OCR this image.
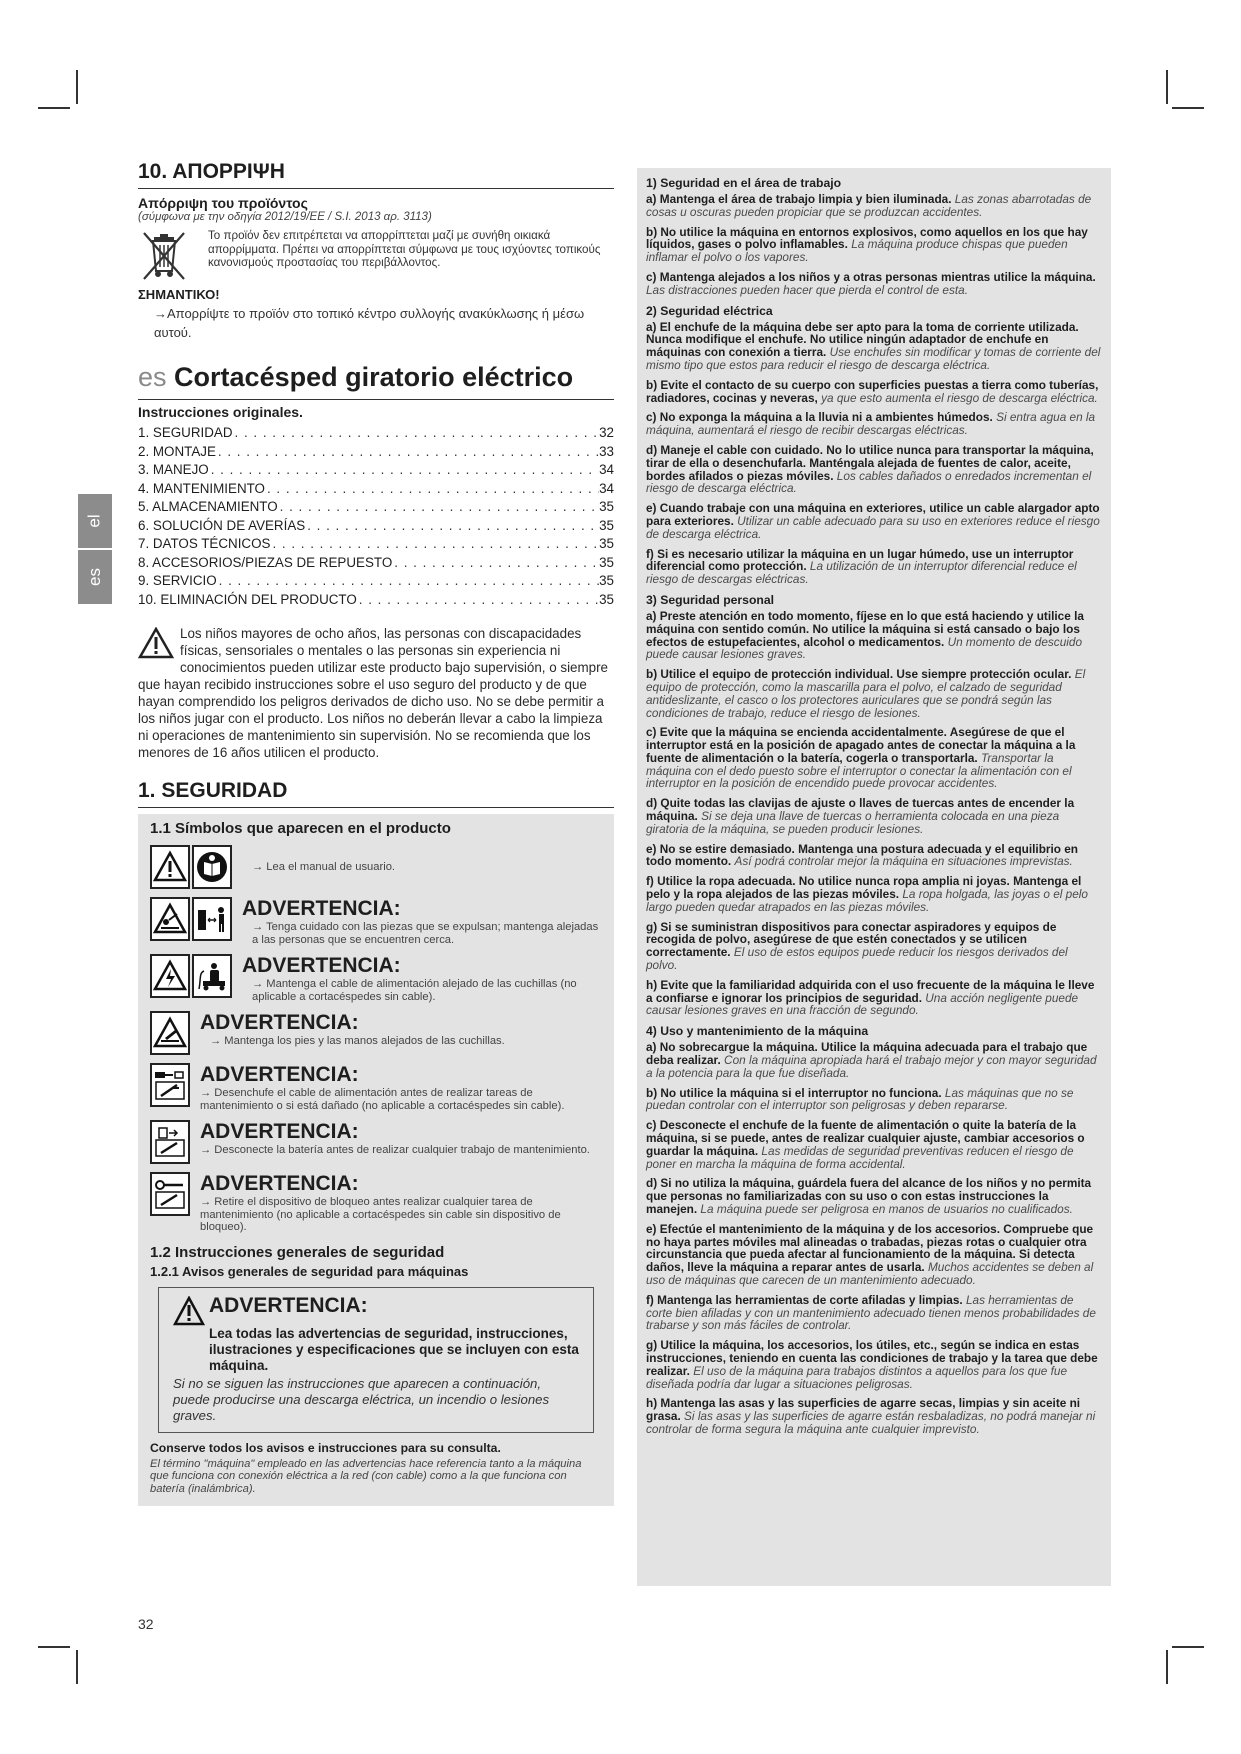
el
es
10. ΑΠΟΡΡΙΨΗ

Απόρριψη του προϊόντος

(σύμφωνα με την οδηγία 2012/19/EE / S.I. 2013 αρ. 3113)

Το προϊόν δεν επιτρέπεται να απορρίπτεται μαζί με συνήθη οικιακά απορρίμματα. Πρέπει να απορρίπτεται σύμφωνα με τους ισχύοντες τοπικούς κανονισμούς προστασίας του περιβάλλοντος.
ΣΗΜΑΝΤΙΚΟ!
→Απορρίψτε το προϊόν στο τοπικό κέντρο συλλογής ανακύκλωσης ή μέσω αυτού.
es Cortacésped giratorio eléctrico
Instrucciones originales.
1. SEGURIDAD . . .	32
2. MONTAJE . . .	33
3. MANEJO . . .	34
4. MANTENIMIENTO . . .	34
5. ALMACENAMIENTO . . .	35
6. SOLUCIÓN DE AVERÍAS . . .	35
7. DATOS TÉCNICOS . . .	35
8. ACCESORIOS/PIEZAS DE REPUESTO . . .	35
9. SERVICIO . . .	35
10. ELIMINACIÓN DEL PRODUCTO . . .	35
Los niños mayores de ocho años, las personas con discapacidades físicas, sensoriales o mentales o las personas sin experiencia ni conocimientos pueden utilizar este producto bajo supervisión, o siempre que hayan recibido instrucciones sobre el uso seguro del producto y de que hayan comprendido los peligros derivados de dicho uso. No se debe permitir a los niños jugar con el producto. Los niños no deberán llevar a cabo la limpieza ni operaciones de mantenimiento sin supervisión. No se recomienda que los menores de 16 años utilicen el producto.
1. SEGURIDAD
1.1 Símbolos que aparecen en el producto
→ Lea el manual de usuario.

ADVERTENCIA:

→ Tenga cuidado con las piezas que se expulsan; mantenga alejadas a las personas que se encuentren cerca.

ADVERTENCIA:

→ Mantenga el cable de alimentación alejado de las cuchillas (no aplicable a cortacéspedes sin cable).

ADVERTENCIA:

→ Mantenga los pies y las manos alejados de las cuchillas.

ADVERTENCIA:

→ Desenchufe el cable de alimentación antes de realizar tareas de mantenimiento o si está dañado (no aplicable a cortacéspedes sin cable).

ADVERTENCIA:

→ Desconecte la batería antes de realizar cualquier trabajo de mantenimiento.

ADVERTENCIA:

→ Retire el dispositivo de bloqueo antes realizar cualquier tarea de mantenimiento (no aplicable a cortacéspedes sin cable sin dispositivo de bloqueo).
1.2 Instrucciones generales de seguridad
1.2.1 Avisos generales de seguridad para máquinas
ADVERTENCIA:
Lea todas las advertencias de seguridad, instrucciones, ilustraciones y especificaciones que se incluyen con esta máquina.
Si no se siguen las instrucciones que aparecen a continuación, puede producirse una descarga eléctrica, un incendio o lesiones graves.
Conserve todos los avisos e instrucciones para su consulta.
El término "máquina" empleado en las advertencias hace referencia tanto a la máquina que funciona con conexión eléctrica a la red (con cable) como a la que funciona con batería (inalámbrica).
1) Seguridad en el área de trabajo

a) Mantenga el área de trabajo limpia y bien iluminada. Las zonas abarrotadas de cosas u oscuras pueden propiciar que se produzcan accidentes.

b) No utilice la máquina en entornos explosivos, como aquellos en los que hay líquidos, gases o polvo inflamables. La máquina produce chispas que pueden inflamar el polvo o los vapores.

c) Mantenga alejados a los niños y a otras personas mientras utilice la máquina. Las distracciones pueden hacer que pierda el control de esta.

2) Seguridad eléctrica

a) El enchufe de la máquina debe ser apto para la toma de corriente utilizada. Nunca modifique el enchufe. No utilice ningún adaptador de enchufe en máquinas con conexión a tierra. Use enchufes sin modificar y tomas de corriente del mismo tipo que estos para reducir el riesgo de descarga eléctrica.

b) Evite el contacto de su cuerpo con superficies puestas a tierra como tuberías, radiadores, cocinas y neveras, ya que esto aumenta el riesgo de descarga eléctrica.

c) No exponga la máquina a la lluvia ni a ambientes húmedos. Si entra agua en la máquina, aumentará el riesgo de recibir descargas eléctricas.

d) Maneje el cable con cuidado. No lo utilice nunca para transportar la máquina, tirar de ella o desenchufarla. Manténgala alejada de fuentes de calor, aceite, bordes afilados o piezas móviles. Los cables dañados o enredados incrementan el riesgo de descarga eléctrica.

e) Cuando trabaje con una máquina en exteriores, utilice un cable alargador apto para exteriores. Utilizar un cable adecuado para su uso en exteriores reduce el riesgo de descarga eléctrica.

f) Si es necesario utilizar la máquina en un lugar húmedo, use un interruptor diferencial como protección. La utilización de un interruptor diferencial reduce el riesgo de descargas eléctricas.

3) Seguridad personal

a) Preste atención en todo momento, fíjese en lo que está haciendo y utilice la máquina con sentido común. No utilice la máquina si está cansado o bajo los efectos de estupefacientes, alcohol o medicamentos. Un momento de descuido puede causar lesiones graves.

b) Utilice el equipo de protección individual. Use siempre protección ocular. El equipo de protección, como la mascarilla para el polvo, el calzado de seguridad antideslizante, el casco o los protectores auriculares que se pondrá según las condiciones de trabajo, reduce el riesgo de lesiones.

c) Evite que la máquina se encienda accidentalmente. Asegúrese de que el interruptor está en la posición de apagado antes de conectar la máquina a la fuente de alimentación o la batería, cogerla o transportarla. Transportar la máquina con el dedo puesto sobre el interruptor o conectar la alimentación con el interruptor en la posición de encendido puede provocar accidentes.

d) Quite todas las clavijas de ajuste o llaves de tuercas antes de encender la máquina. Si se deja una llave de tuercas o herramienta colocada en una pieza giratoria de la máquina, se pueden producir lesiones.

e) No se estire demasiado. Mantenga una postura adecuada y el equilibrio en todo momento. Así podrá controlar mejor la máquina en situaciones imprevistas.

f) Utilice la ropa adecuada. No utilice nunca ropa amplia ni joyas. Mantenga el pelo y la ropa alejados de las piezas móviles. La ropa holgada, las joyas o el pelo largo pueden quedar atrapados en las piezas móviles.

g) Si se suministran dispositivos para conectar aspiradores y equipos de recogida de polvo, asegúrese de que estén conectados y se utilicen correctamente. El uso de estos equipos puede reducir los riesgos derivados del polvo.

h) Evite que la familiaridad adquirida con el uso frecuente de la máquina le lleve a confiarse e ignorar los principios de seguridad. Una acción negligente puede causar lesiones graves en una fracción de segundo.

4) Uso y mantenimiento de la máquina

a) No sobrecargue la máquina. Utilice la máquina adecuada para el trabajo que deba realizar. Con la máquina apropiada hará el trabajo mejor y con mayor seguridad a la potencia para la que fue diseñada.

b) No utilice la máquina si el interruptor no funciona. Las máquinas que no se puedan controlar con el interruptor son peligrosas y deben repararse.

c) Desconecte el enchufe de la fuente de alimentación o quite la batería de la máquina, si se puede, antes de realizar cualquier ajuste, cambiar accesorios o guardar la máquina. Las medidas de seguridad preventivas reducen el riesgo de poner en marcha la máquina de forma accidental.

d) Si no utiliza la máquina, guárdela fuera del alcance de los niños y no permita que personas no familiarizadas con su uso o con estas instrucciones la manejen. La máquina puede ser peligrosa en manos de usuarios no cualificados.

e) Efectúe el mantenimiento de la máquina y de los accesorios. Compruebe que no haya partes móviles mal alineadas o trabadas, piezas rotas o cualquier otra circunstancia que pueda afectar al funcionamiento de la máquina. Si detecta daños, lleve la máquina a reparar antes de usarla. Muchos accidentes se deben al uso de máquinas que carecen de un mantenimiento adecuado.

f) Mantenga las herramientas de corte afiladas y limpias. Las herramientas de corte bien afiladas y con un mantenimiento adecuado tienen menos probabilidades de trabarse y son más fáciles de controlar.

g) Utilice la máquina, los accesorios, los útiles, etc., según se indica en estas instrucciones, teniendo en cuenta las condiciones de trabajo y la tarea que debe realizar. El uso de la máquina para trabajos distintos a aquellos para los que fue diseñada podría dar lugar a situaciones peligrosas.

h) Mantenga las asas y las superficies de agarre secas, limpias y sin aceite ni grasa. Si las asas y las superficies de agarre están resbaladizas, no podrá manejar ni controlar de forma segura la máquina ante cualquier imprevisto.

32
